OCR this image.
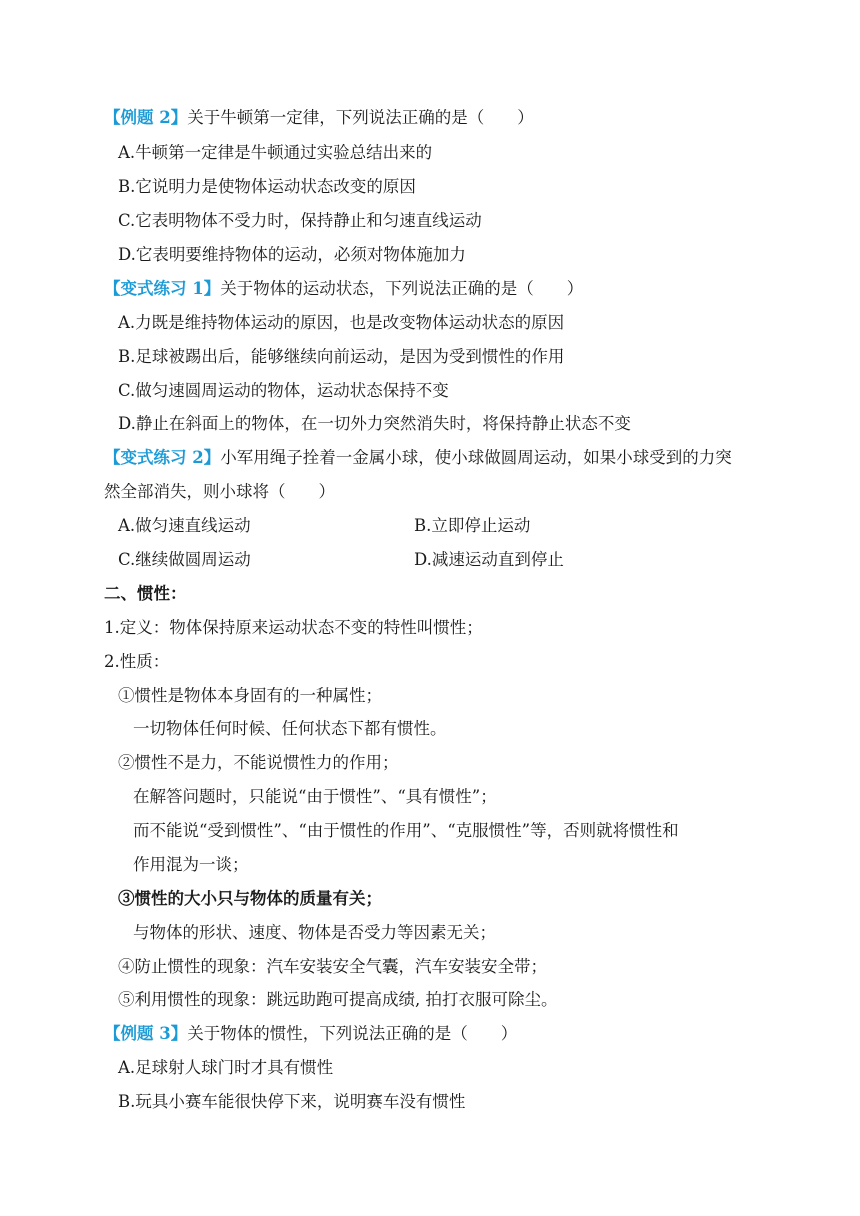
【例题 2】关于牛顿第一定律，下列说法正确的是（　　）
A.牛顿第一定律是牛顿通过实验总结出来的
B.它说明力是使物体运动状态改变的原因
C.它表明物体不受力时，保持静止和匀速直线运动
D.它表明要维持物体的运动，必须对物体施加力
【变式练习 1】关于物体的运动状态，下列说法正确的是（　　）
A.力既是维持物体运动的原因，也是改变物体运动状态的原因
B.足球被踢出后，能够继续向前运动，是因为受到惯性的作用
C.做匀速圆周运动的物体，运动状态保持不变
D.静止在斜面上的物体，在一切外力突然消失时，将保持静止状态不变
【变式练习 2】小军用绳子拴着一金属小球，使小球做圆周运动，如果小球受到的力突
然全部消失，则小球将（　　）
A.做匀速直线运动	B.立即停止运动
C.继续做圆周运动	D.减速运动直到停止
二、惯性：
1.定义：物体保持原来运动状态不变的特性叫惯性；
2.性质：
①惯性是物体本身固有的一种属性；
一切物体任何时候、任何状态下都有惯性。
②惯性不是力，不能说惯性力的作用；
在解答问题时，只能说“由于惯性”、“具有惯性”；
而不能说“受到惯性”、“由于惯性的作用”、“克服惯性”等，否则就将惯性和
作用混为一谈；
③惯性的大小只与物体的质量有关；
与物体的形状、速度、物体是否受力等因素无关；
④防止惯性的现象：汽车安装安全气囊，汽车安装安全带；
⑤利用惯性的现象：跳远助跑可提高成绩, 拍打衣服可除尘。
【例题 3】关于物体的惯性，下列说法正确的是（　　）
A.足球射人球门时才具有惯性
B.玩具小赛车能很快停下来，说明赛车没有惯性
